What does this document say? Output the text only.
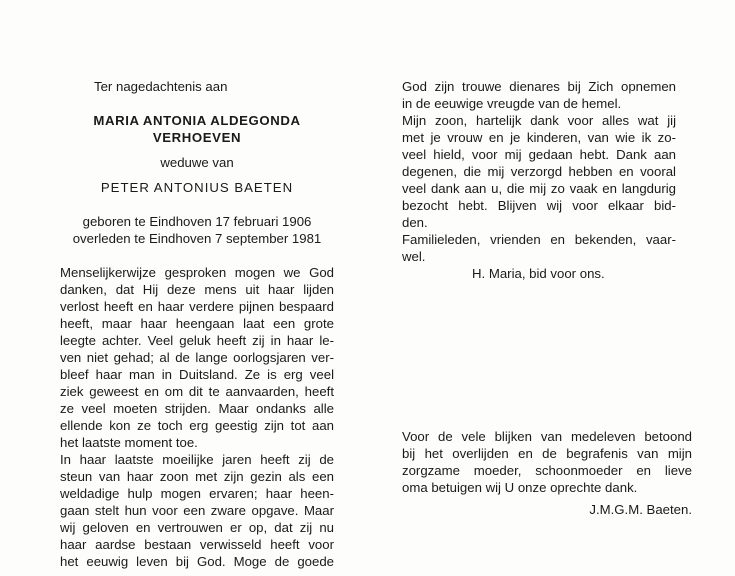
Ter nagedachtenis aan
MARIA ANTONIA ALDEGONDA
VERHOEVEN
weduwe van
PETER ANTONIUS BAETEN
geboren te Eindhoven 17 februari 1906
overleden te Eindhoven 7 september 1981
Menselijkerwijze gesproken mogen we God
danken, dat Hij deze mens uit haar lijden
verlost heeft en haar verdere pijnen bespaard
heeft, maar haar heengaan laat een grote
leegte achter. Veel geluk heeft zij in haar le-
ven niet gehad; al de lange oorlogsjaren ver-
bleef haar man in Duitsland. Ze is erg veel
ziek geweest en om dit te aanvaarden, heeft
ze veel moeten strijden. Maar ondanks alle
ellende kon ze toch erg geestig zijn tot aan
het laatste moment toe.
In haar laatste moeilijke jaren heeft zij de
steun van haar zoon met zijn gezin als een
weldadige hulp mogen ervaren; haar heen-
gaan stelt hun voor een zware opgave. Maar
wij geloven en vertrouwen er op, dat zij nu
haar aardse bestaan verwisseld heeft voor
het eeuwig leven bij God. Moge de goede
God zijn trouwe dienares bij Zich opnemen
in de eeuwige vreugde van de hemel.
Mijn zoon, hartelijk dank voor alles wat jij
met je vrouw en je kinderen, van wie ik zo-
veel hield, voor mij gedaan hebt. Dank aan
degenen, die mij verzorgd hebben en vooral
veel dank aan u, die mij zo vaak en langdurig
bezocht hebt. Blijven wij voor elkaar bid-
den.
Familieleden, vrienden en bekenden, vaar-
wel.
H. Maria, bid voor ons.
Voor de vele blijken van medeleven betoond
bij het overlijden en de begrafenis van mijn
zorgzame moeder, schoonmoeder en lieve
oma betuigen wij U onze oprechte dank.
J.M.G.M. Baeten.
